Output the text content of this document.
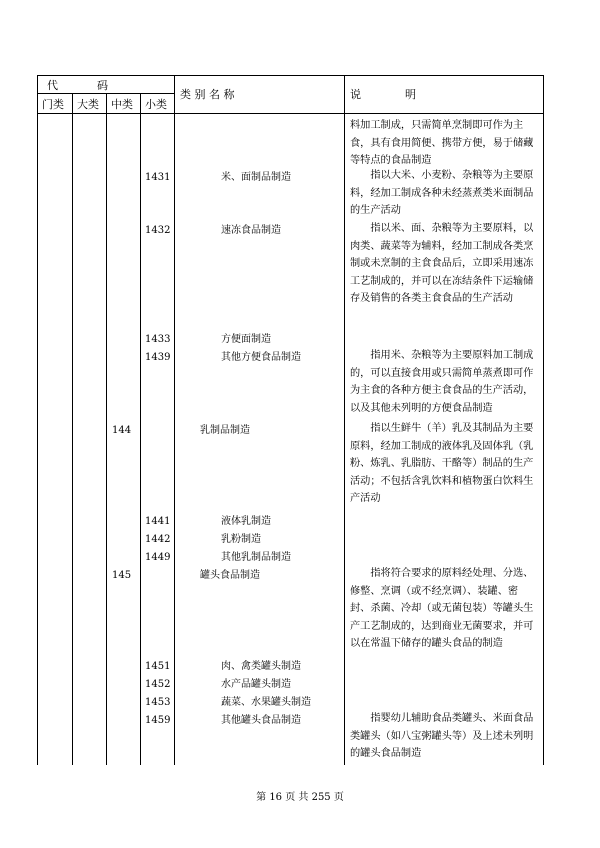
代	码
类 别 名 称	说	明
门类 大类 中类 小类
料加工制成，只需简单烹制即可作为主食，具有食用简便、携带方便，易于储藏等特点的食品制造
1431	米、面制品制造	　　指以大米、小麦粉、杂粮等为主要原料，经加工制成各种未经蒸煮类米面制品的生产活动
1432	速冻食品制造	　　指以米、面、杂粮等为主要原料，以肉类、蔬菜等为辅料，经加工制成各类烹制或未烹制的主食食品后，立即采用速冻工艺制成的，并可以在冻结条件下运输储存及销售的各类主食食品的生产活动
1433	方便面制造
1439	其他方便食品制造	　　指用米、杂粮等为主要原料加工制成的，可以直接食用或只需简单蒸煮即可作为主食的各种方便主食食品的生产活动，以及其他未列明的方便食品制造
144	乳制品制造	　　指以生鲜牛（羊）乳及其制品为主要原料，经加工制成的液体乳及固体乳（乳粉、炼乳、乳脂肪、干酪等）制品的生产活动；不包括含乳饮料和植物蛋白饮料生产活动
1441	液体乳制造
1442	乳粉制造
1449	其他乳制品制造
145	罐头食品制造	　　指将符合要求的原料经处理、分选、修整、烹调（或不经烹调）、装罐、密封、杀菌、冷却（或无菌包装）等罐头生产工艺制成的，达到商业无菌要求，并可以在常温下储存的罐头食品的制造
1451	肉、禽类罐头制造
1452	水产品罐头制造
1453	蔬菜、水果罐头制造
1459	其他罐头食品制造	　　指婴幼儿辅助食品类罐头、米面食品类罐头（如八宝粥罐头等）及上述未列明的罐头食品制造
第 16 页 共 255 页
